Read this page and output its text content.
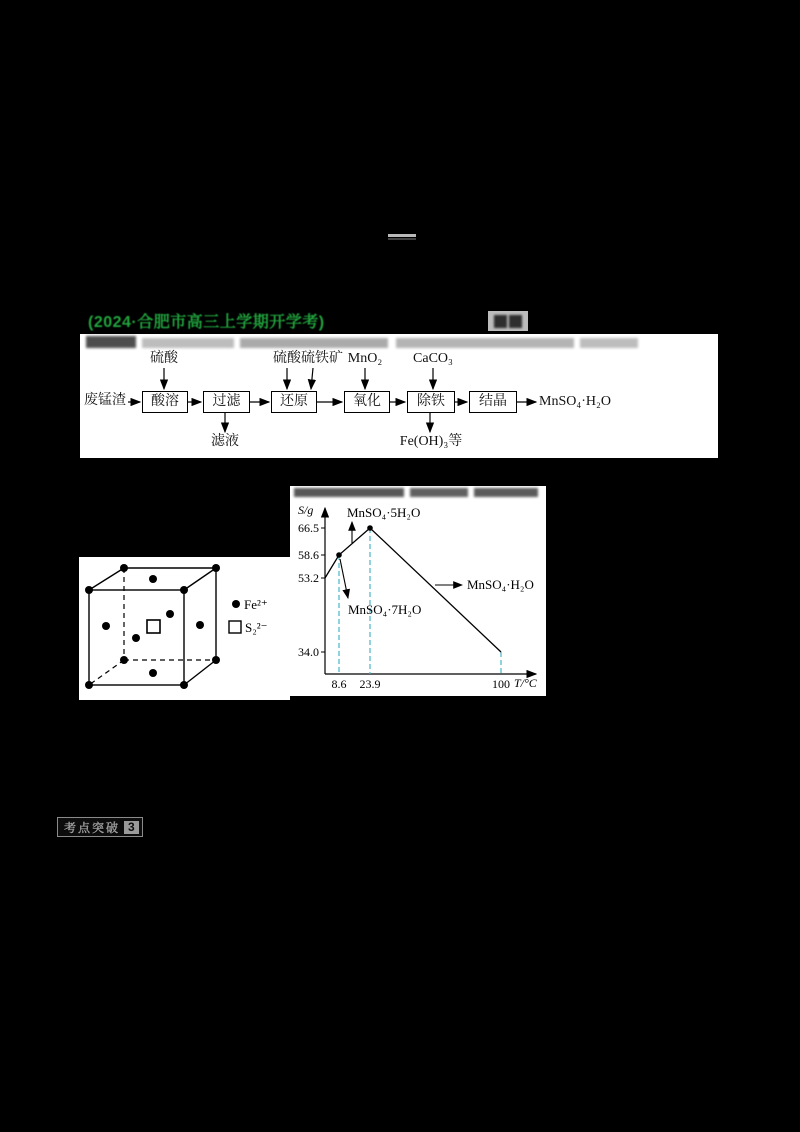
(2024·合肥市高三上学期开学考)
废锰渣	MnSO₄·H₂O
酸溶	过滤	还原	氧化	除铁	结晶
硫酸	硫酸 硫铁矿 MnO₂	CaCO₃
滤液	Fe(OH)₃等
Fe²⁺
S₂²⁻
S/g
T/°C
66.5
58.6
53.2
34.0
8.6 23.9	100
MnSO₄·5H₂O
MnSO₄·7H₂O
MnSO₄·H₂O
考点突破 3
